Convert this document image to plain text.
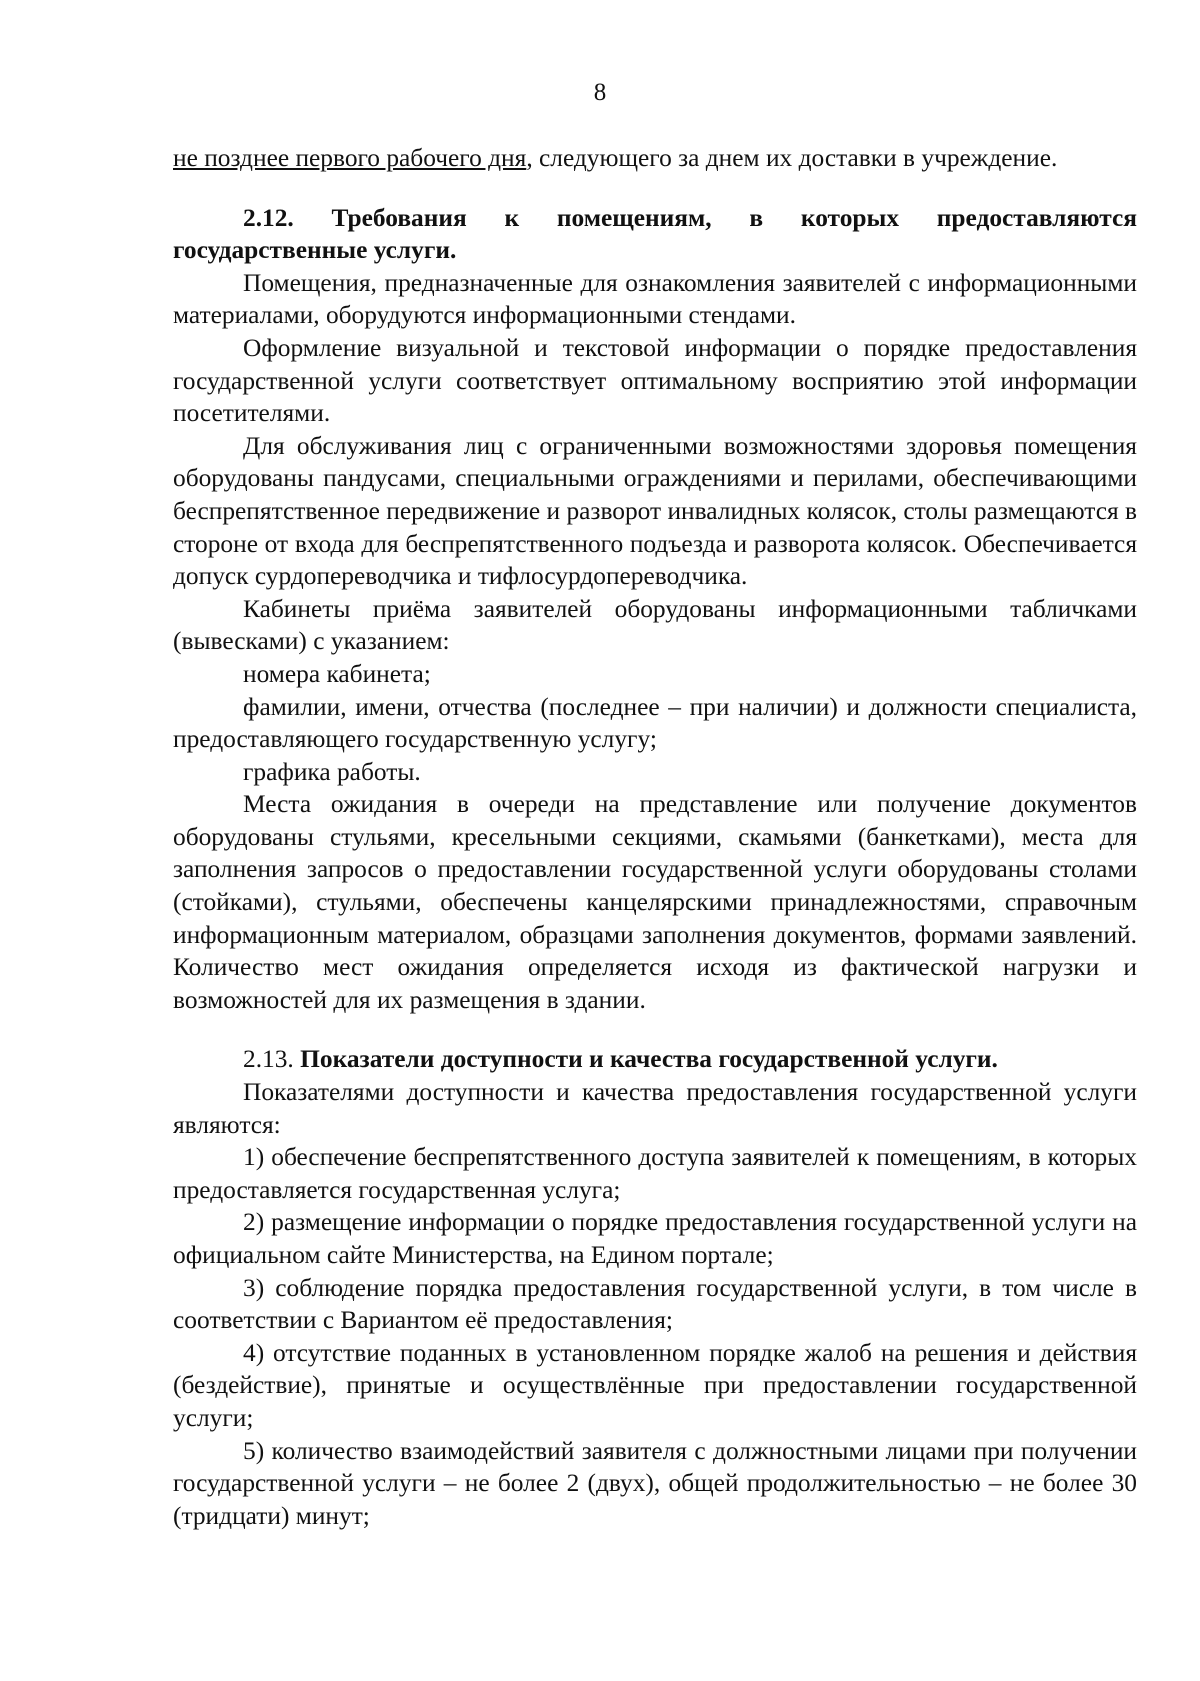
8

не позднее первого рабочего дня, следующего за днем их доставки в учреждение.

2.12. Требования к помещениям, в которых предоставляются государственные услуги.

Помещения, предназначенные для ознакомления заявителей с информационными материалами, оборудуются информационными стендами.

Оформление визуальной и текстовой информации о порядке предоставления государственной услуги соответствует оптимальному восприятию этой информации посетителями.

Для обслуживания лиц с ограниченными возможностями здоровья помещения оборудованы пандусами, специальными ограждениями и перилами, обеспечивающими беспрепятственное передвижение и разворот инвалидных колясок, столы размещаются в стороне от входа для беспрепятственного подъезда и разворота колясок. Обеспечивается допуск сурдопереводчика и тифлосурдопереводчика.

Кабинеты приёма заявителей оборудованы информационными табличками (вывесками) с указанием:

номера кабинета;

фамилии, имени, отчества (последнее – при наличии) и должности специалиста, предоставляющего государственную услугу;

графика работы.

Места ожидания в очереди на представление или получение документов оборудованы стульями, кресельными секциями, скамьями (банкетками), места для заполнения запросов о предоставлении государственной услуги оборудованы столами (стойками), стульями, обеспечены канцелярскими принадлежностями, справочным информационным материалом, образцами заполнения документов, формами заявлений. Количество мест ожидания определяется исходя из фактической нагрузки и возможностей для их размещения в здании.

2.13. Показатели доступности и качества государственной услуги.

Показателями доступности и качества предоставления государственной услуги являются:

1) обеспечение беспрепятственного доступа заявителей к помещениям, в которых предоставляется государственная услуга;

2) размещение информации о порядке предоставления государственной услуги на официальном сайте Министерства, на Едином портале;

3) соблюдение порядка предоставления государственной услуги, в том числе в соответствии с Вариантом её предоставления;

4) отсутствие поданных в установленном порядке жалоб на решения и действия (бездействие), принятые и осуществлённые при предоставлении государственной услуги;

5) количество взаимодействий заявителя с должностными лицами при получении государственной услуги – не более 2 (двух), общей продолжительностью – не более 30 (тридцати) минут;
